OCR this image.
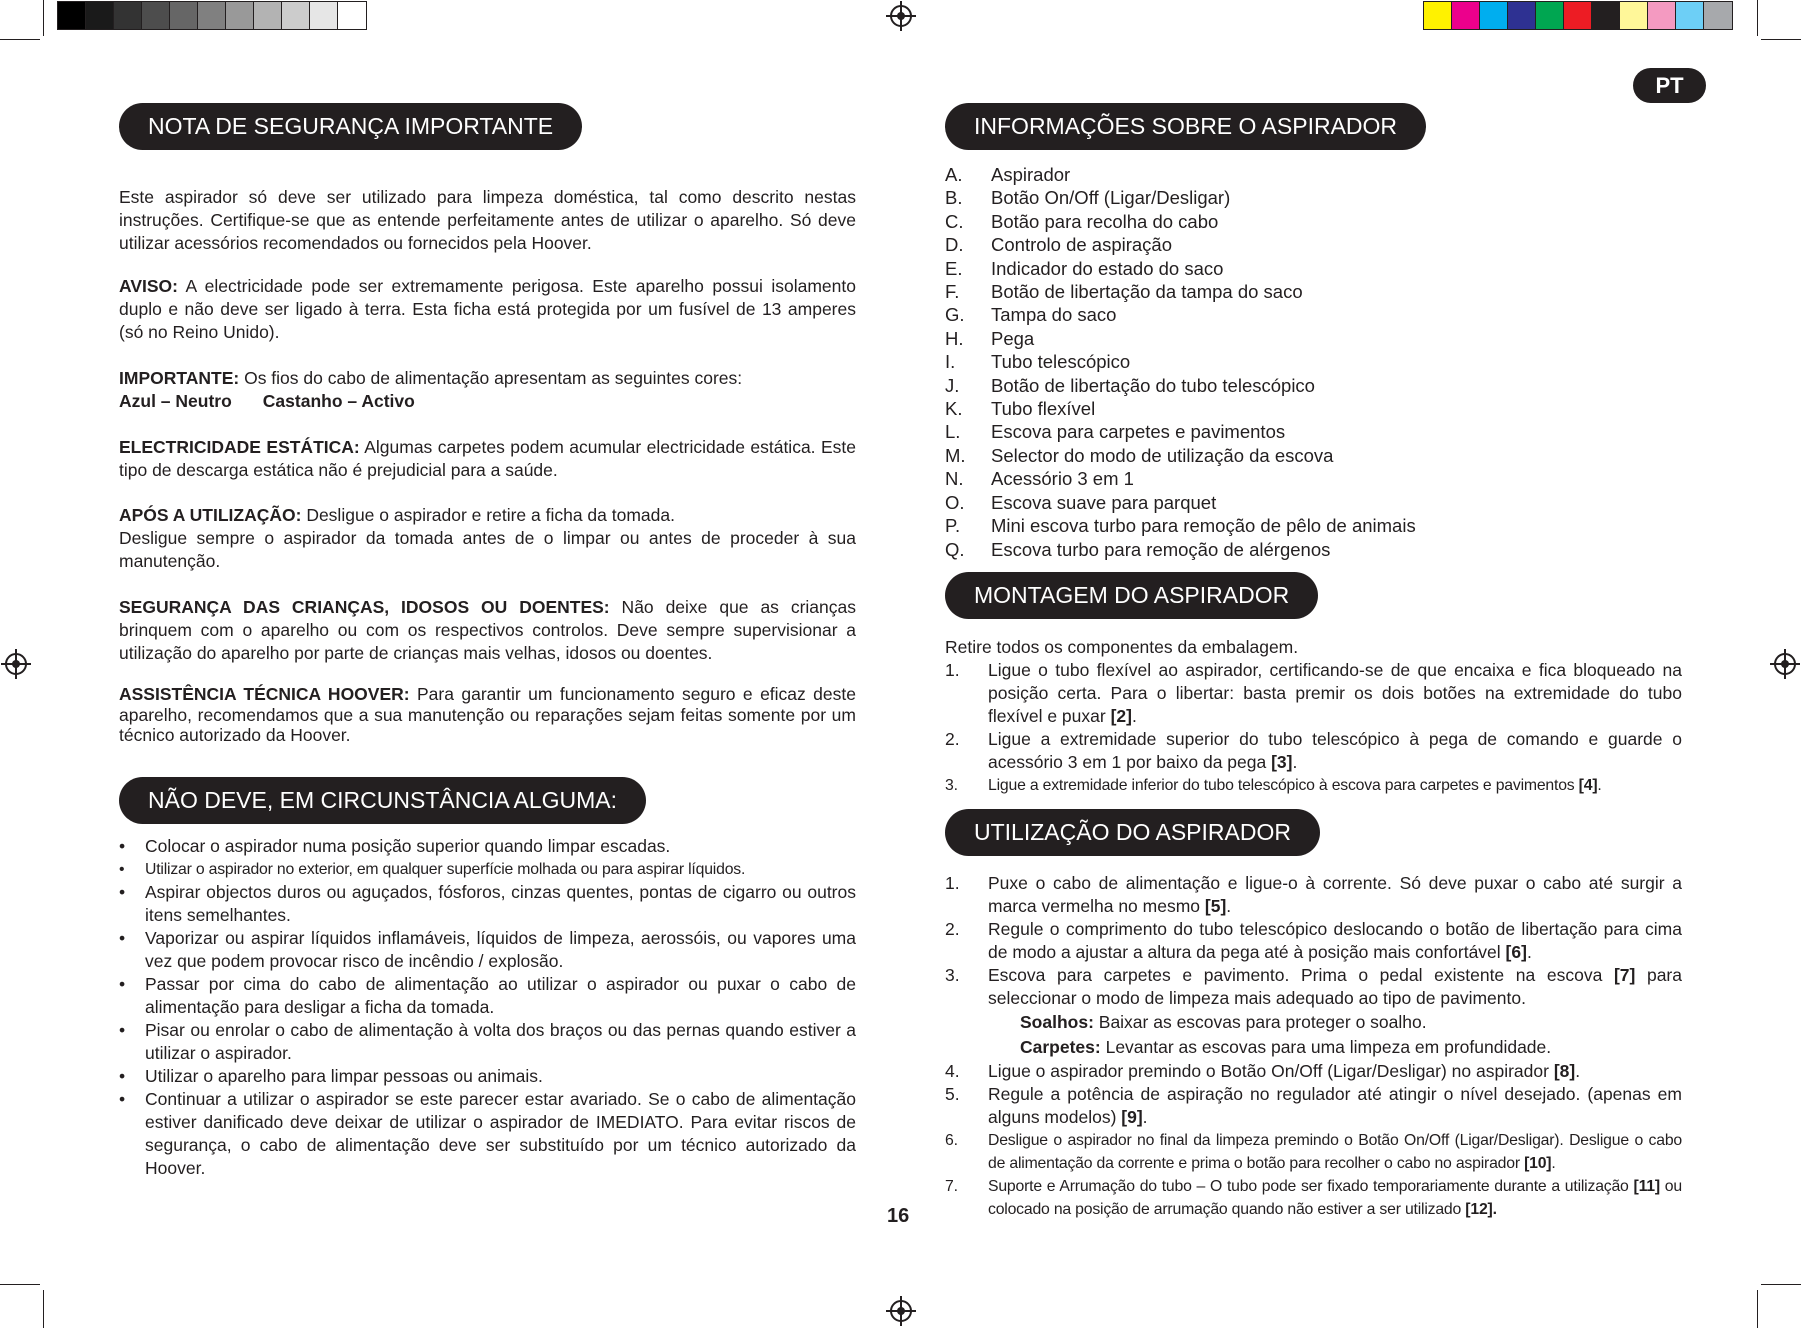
PT
NOTA DE SEGURANÇA IMPORTANTE
Este aspirador só deve ser utilizado para limpeza doméstica, tal como descrito nestas instruções. Certifique-se que as entende perfeitamente antes de utilizar o aparelho. Só deve utilizar acessórios recomendados ou fornecidos pela Hoover.
AVISO: A electricidade pode ser extremamente perigosa. Este aparelho possui isolamento duplo e não deve ser ligado à terra. Esta ficha está protegida por um fusível de 13 amperes (só no Reino Unido).
IMPORTANTE: Os fios do cabo de alimentação apresentam as seguintes cores:
Azul – Neutro Castanho – Activo
ELECTRICIDADE ESTÁTICA: Algumas carpetes podem acumular electricidade estática. Este tipo de descarga estática não é prejudicial para a saúde.
APÓS A UTILIZAÇÃO: Desligue o aspirador e retire a ficha da tomada.
Desligue sempre o aspirador da tomada antes de o limpar ou antes de proceder à sua manutenção.
SEGURANÇA DAS CRIANÇAS, IDOSOS OU DOENTES: Não deixe que as crianças brinquem com o aparelho ou com os respectivos controlos. Deve sempre supervisionar a utilização do aparelho por parte de crianças mais velhas, idosos ou doentes.
ASSISTÊNCIA TÉCNICA HOOVER: Para garantir um funcionamento seguro e eficaz deste aparelho, recomendamos que a sua manutenção ou reparações sejam feitas somente por um técnico autorizado da Hoover.
NÃO DEVE, EM CIRCUNSTÂNCIA ALGUMA:
• Colocar o aspirador numa posição superior quando limpar escadas.
• Utilizar o aspirador no exterior, em qualquer superfície molhada ou para aspirar líquidos.
• Aspirar objectos duros ou aguçados, fósforos, cinzas quentes, pontas de cigarro ou outros itens semelhantes.
• Vaporizar ou aspirar líquidos inflamáveis, líquidos de limpeza, aerossóis, ou vapores uma vez que podem provocar risco de incêndio / explosão.
• Passar por cima do cabo de alimentação ao utilizar o aspirador ou puxar o cabo de alimentação para desligar a ficha da tomada.
• Pisar ou enrolar o cabo de alimentação à volta dos braços ou das pernas quando estiver a utilizar o aspirador.
• Utilizar o aparelho para limpar pessoas ou animais.
• Continuar a utilizar o aspirador se este parecer estar avariado. Se o cabo de alimentação estiver danificado deve deixar de utilizar o aspirador de IMEDIATO. Para evitar riscos de segurança, o cabo de alimentação deve ser substituído por um técnico autorizado da Hoover.
INFORMAÇÕES SOBRE O ASPIRADOR
A.	Aspirador
B.	Botão On/Off (Ligar/Desligar)
C.	Botão para recolha do cabo
D.	Controlo de aspiração
E.	Indicador do estado do saco
F.	Botão de libertação da tampa do saco
G.	Tampa do saco
H.	Pega
I.	Tubo telescópico
J.	Botão de libertação do tubo telescópico
K.	Tubo flexível
L.	Escova para carpetes e pavimentos
M.	Selector do modo de utilização da escova
N.	Acessório 3 em 1
O.	Escova suave para parquet
P.	Mini escova turbo para remoção de pêlo de animais
Q.	Escova turbo para remoção de alérgenos
MONTAGEM DO ASPIRADOR
Retire todos os componentes da embalagem.
1. Ligue o tubo flexível ao aspirador, certificando-se de que encaixa e fica bloqueado na posição certa. Para o libertar: basta premir os dois botões na extremidade do tubo flexível e puxar [2].
2. Ligue a extremidade superior do tubo telescópico à pega de comando e guarde o acessório 3 em 1 por baixo da pega [3].
3. Ligue a extremidade inferior do tubo telescópico à escova para carpetes e pavimentos [4].
UTILIZAÇÃO DO ASPIRADOR
1. Puxe o cabo de alimentação e ligue-o à corrente. Só deve puxar o cabo até surgir a marca vermelha no mesmo [5].
2. Regule o comprimento do tubo telescópico deslocando o botão de libertação para cima de modo a ajustar a altura da pega até à posição mais confortável [6].
3. Escova para carpetes e pavimento. Prima o pedal existente na escova [7] para seleccionar o modo de limpeza mais adequado ao tipo de pavimento.
Soalhos: Baixar as escovas para proteger o soalho.
Carpetes: Levantar as escovas para uma limpeza em profundidade.
4. Ligue o aspirador premindo o Botão On/Off (Ligar/Desligar) no aspirador [8].
5. Regule a potência de aspiração no regulador até atingir o nível desejado. (apenas em alguns modelos) [9].
6. Desligue o aspirador no final da limpeza premindo o Botão On/Off (Ligar/Desligar). Desligue o cabo de alimentação da corrente e prima o botão para recolher o cabo no aspirador [10].
7. Suporte e Arrumação do tubo – O tubo pode ser fixado temporariamente durante a utilização [11] ou colocado na posição de arrumação quando não estiver a ser utilizado [12].
16
